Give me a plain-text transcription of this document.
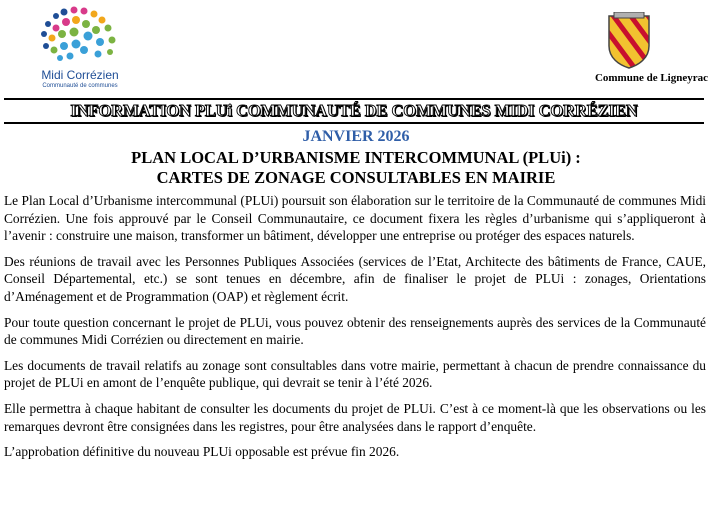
Midi Corrézien
Communauté de communes
Commune de Ligneyrac
INFORMATION PLUi COMMUNAUTÉ DE COMMUNES MIDI CORRÉZIEN
JANVIER 2026
PLAN LOCAL D’URBANISME INTERCOMMUNAL (PLUi) :
CARTES DE ZONAGE CONSULTABLES EN MAIRIE

Le Plan Local d’Urbanisme intercommunal (PLUi) poursuit son élaboration sur le territoire de la Communauté de communes Midi Corrézien. Une fois approuvé par le Conseil Communautaire, ce document fixera les règles d’urbanisme qui s’appliqueront à l’avenir : construire une maison, transformer un bâtiment, développer une entreprise ou protéger des espaces naturels.

Des réunions de travail avec les Personnes Publiques Associées (services de l’Etat, Architecte des bâtiments de France, CAUE, Conseil Départemental, etc.) se sont tenues en décembre, afin de finaliser le projet de PLUi : zonages, Orientations d’Aménagement et de Programmation (OAP) et règlement écrit.

Pour toute question concernant le projet de PLUi, vous pouvez obtenir des renseignements auprès des services de la Communauté de communes Midi Corrézien ou directement en mairie.

Les documents de travail relatifs au zonage sont consultables dans votre mairie, permettant à chacun de prendre connaissance du projet de PLUi en amont de l’enquête publique, qui devrait se tenir à l’été 2026.

Elle permettra à chaque habitant de consulter les documents du projet de PLUi. C’est à ce moment-là que les observations ou les remarques devront être consignées dans les registres, pour être analysées dans le rapport d’enquête.

L’approbation définitive du nouveau PLUi opposable est prévue fin 2026.
